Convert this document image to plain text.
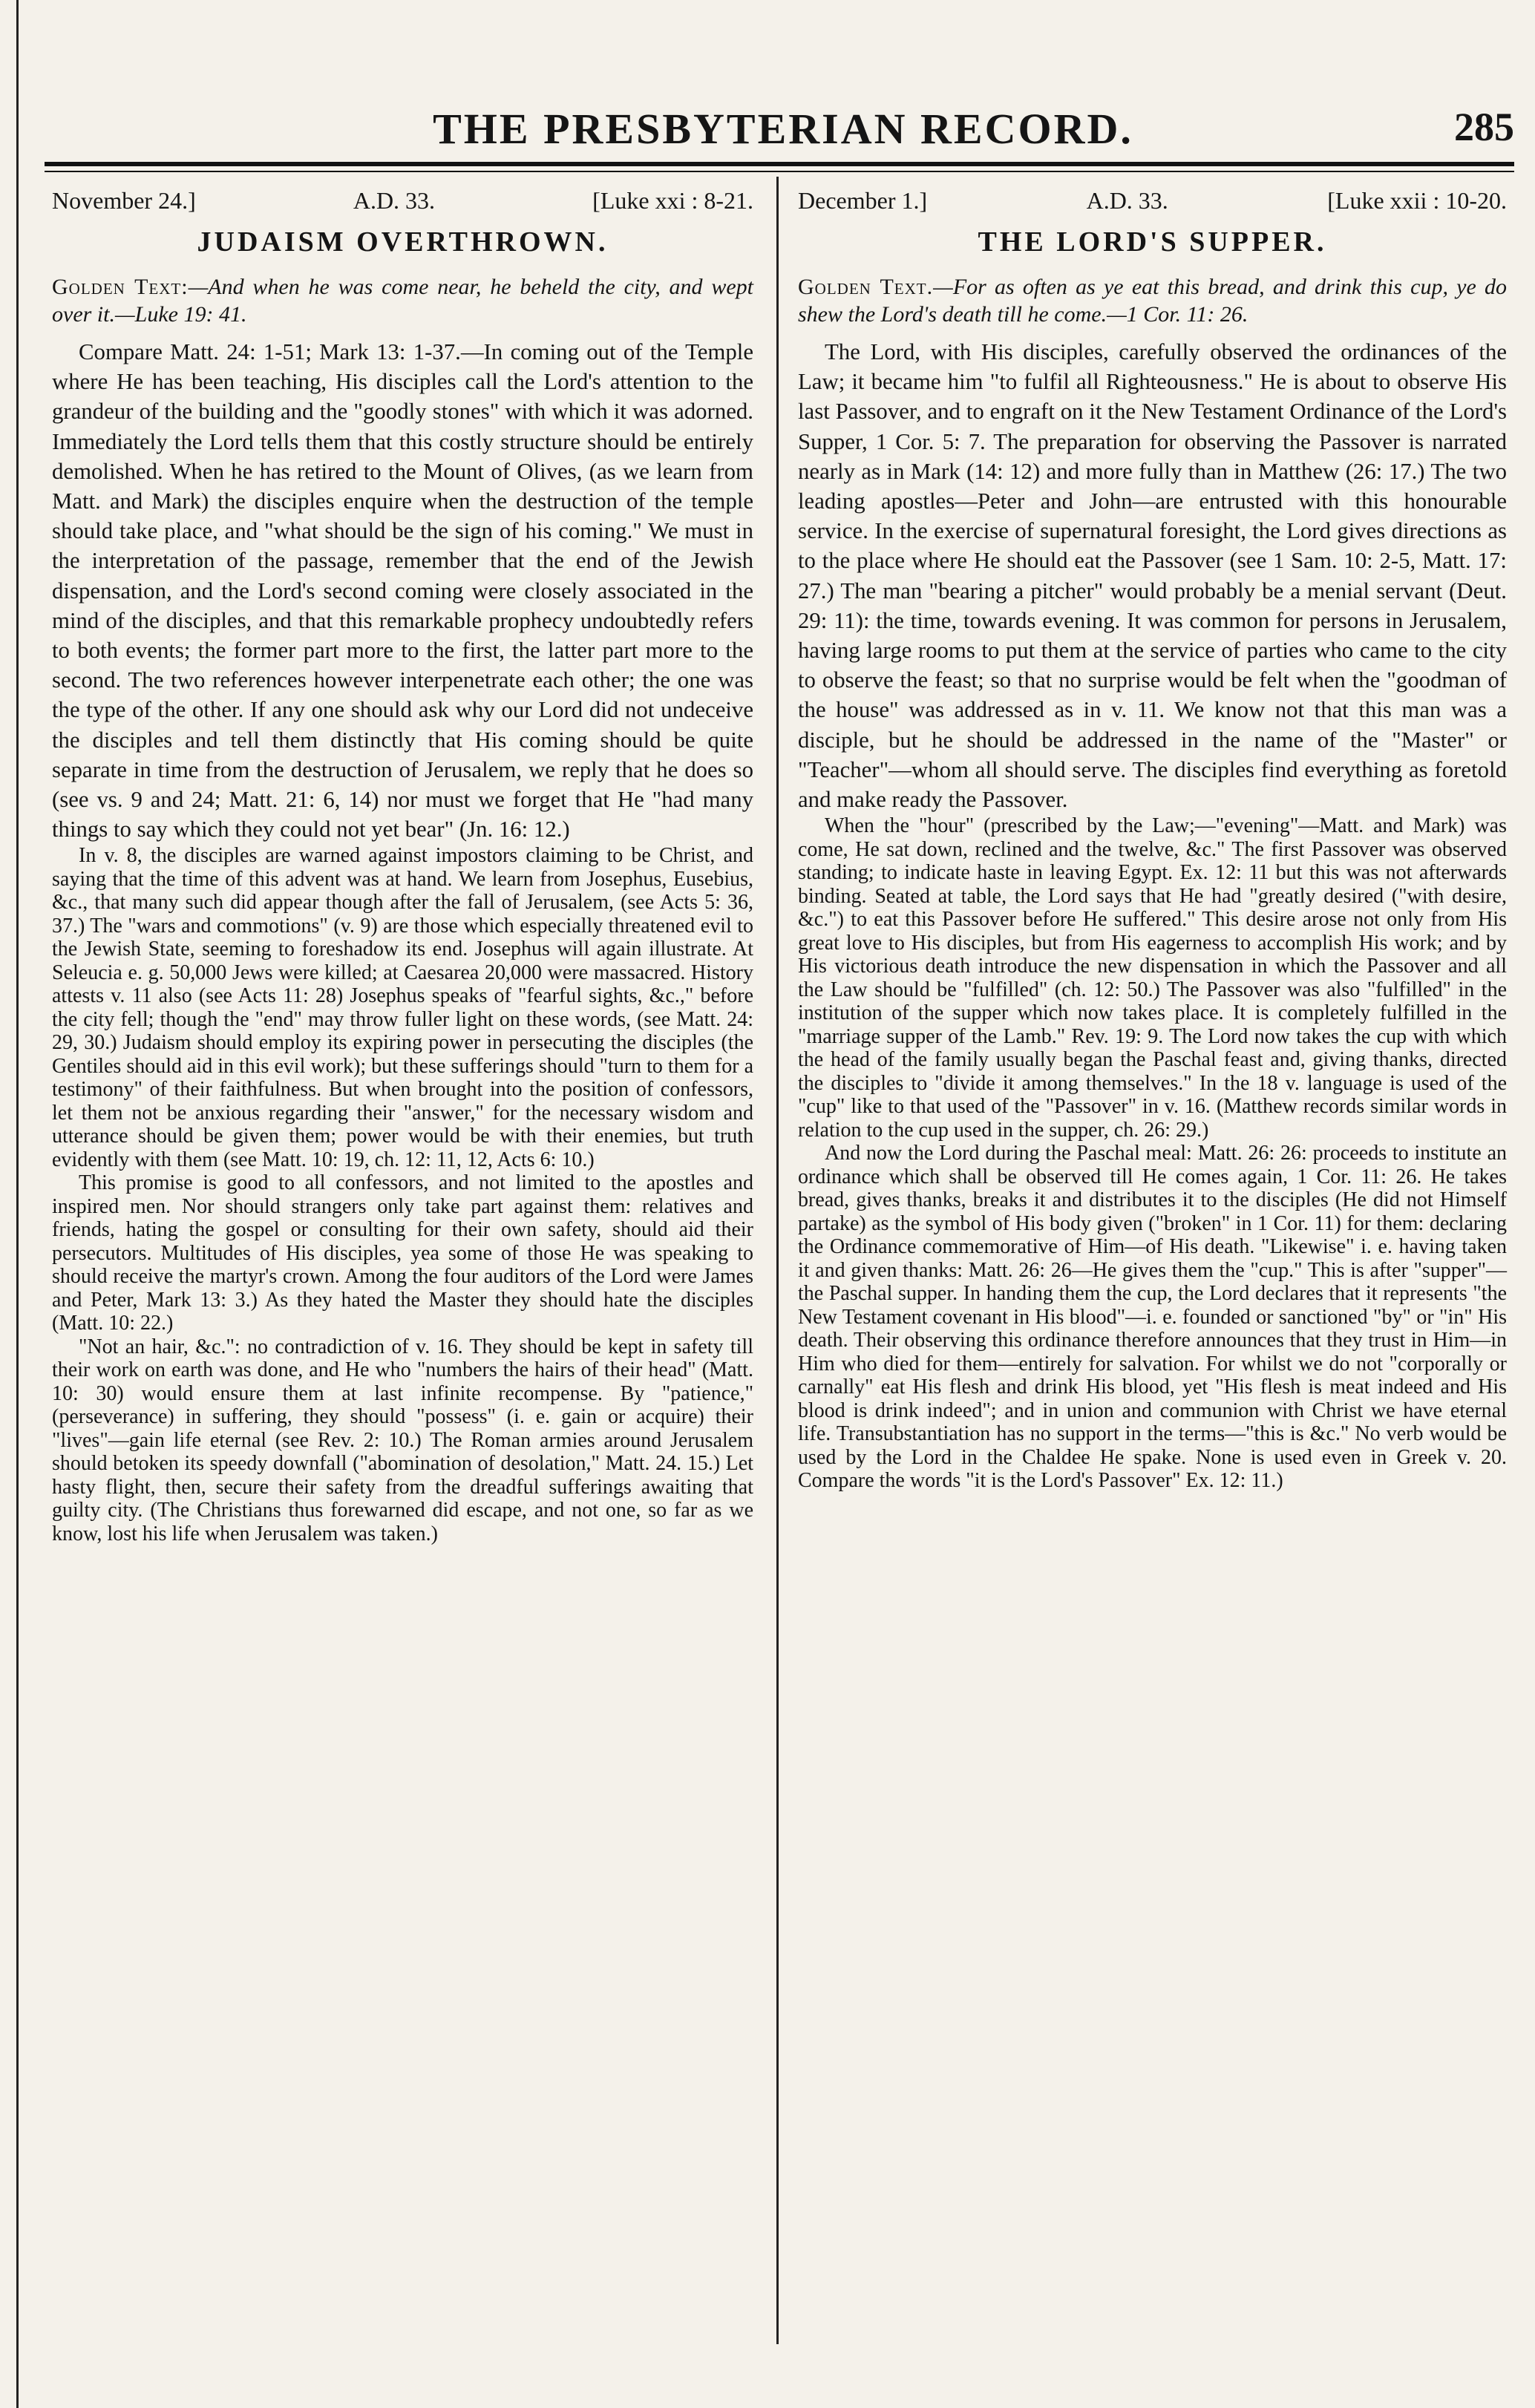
THE PRESBYTERIAN RECORD.	285
November 24.]	A.D. 33.	[Luke xxi : 8-21.
JUDAISM OVERTHROWN.

Golden Text:—And when he was come near, he beheld the city, and wept over it.—Luke 19: 41.

Compare Matt. 24: 1-51; Mark 13: 1-37.—In coming out of the Temple where He has been teaching, His disciples call the Lord's attention to the grandeur of the building and the "goodly stones" with which it was adorned. Immediately the Lord tells them that this costly structure should be entirely demolished. When he has retired to the Mount of Olives, (as we learn from Matt. and Mark) the disciples enquire when the destruction of the temple should take place, and "what should be the sign of his coming." We must in the interpretation of the passage, remember that the end of the Jewish dispensation, and the Lord's second coming were closely associated in the mind of the disciples, and that this remarkable prophecy undoubtedly refers to both events; the former part more to the first, the latter part more to the second. The two references however interpenetrate each other; the one was the type of the other. If any one should ask why our Lord did not undeceive the disciples and tell them distinctly that His coming should be quite separate in time from the destruction of Jerusalem, we reply that he does so (see vs. 9 and 24; Matt. 21: 6, 14) nor must we forget that He "had many things to say which they could not yet bear" (Jn. 16: 12.)

In v. 8, the disciples are warned against impostors claiming to be Christ, and saying that the time of this advent was at hand. We learn from Josephus, Eusebius, &c., that many such did appear though after the fall of Jerusalem, (see Acts 5: 36, 37.) The "wars and commotions" (v. 9) are those which especially threatened evil to the Jewish State, seeming to foreshadow its end. Josephus will again illustrate. At Seleucia e. g. 50,000 Jews were killed; at Caesarea 20,000 were massacred. History attests v. 11 also (see Acts 11: 28) Josephus speaks of "fearful sights, &c.," before the city fell; though the "end" may throw fuller light on these words, (see Matt. 24: 29, 30.) Judaism should employ its expiring power in persecuting the disciples (the Gentiles should aid in this evil work); but these sufferings should "turn to them for a testimony" of their faithfulness. But when brought into the position of confessors, let them not be anxious regarding their "answer," for the necessary wisdom and utterance should be given them; power would be with their enemies, but truth evidently with them (see Matt. 10: 19, ch. 12: 11, 12, Acts 6: 10.)

This promise is good to all confessors, and not limited to the apostles and inspired men. Nor should strangers only take part against them: relatives and friends, hating the gospel or consulting for their own safety, should aid their persecutors. Multitudes of His disciples, yea some of those He was speaking to should receive the martyr's crown. Among the four auditors of the Lord were James and Peter, Mark 13: 3.) As they hated the Master they should hate the disciples (Matt. 10: 22.)

"Not an hair, &c.": no contradiction of v. 16. They should be kept in safety till their work on earth was done, and He who "numbers the hairs of their head" (Matt. 10: 30) would ensure them at last infinite recompense. By "patience," (perseverance) in suffering, they should "possess" (i. e. gain or acquire) their "lives"—gain life eternal (see Rev. 2: 10.) The Roman armies around Jerusalem should betoken its speedy downfall ("abomination of desolation," Matt. 24. 15.) Let hasty flight, then, secure their safety from the dreadful sufferings awaiting that guilty city. (The Christians thus forewarned did escape, and not one, so far as we know, lost his life when Jerusalem was taken.)

December 1.]	A.D. 33.	[Luke xxii : 10-20.
THE LORD'S SUPPER.

Golden Text.—For as often as ye eat this bread, and drink this cup, ye do shew the Lord's death till he come.—1 Cor. 11: 26.

The Lord, with His disciples, carefully observed the ordinances of the Law; it became him "to fulfil all Righteousness." He is about to observe His last Passover, and to engraft on it the New Testament Ordinance of the Lord's Supper, 1 Cor. 5: 7. The preparation for observing the Passover is narrated nearly as in Mark (14: 12) and more fully than in Matthew (26: 17.) The two leading apostles—Peter and John—are entrusted with this honourable service. In the exercise of supernatural foresight, the Lord gives directions as to the place where He should eat the Passover (see 1 Sam. 10: 2-5, Matt. 17: 27.) The man "bearing a pitcher" would probably be a menial servant (Deut. 29: 11): the time, towards evening. It was common for persons in Jerusalem, having large rooms to put them at the service of parties who came to the city to observe the feast; so that no surprise would be felt when the "goodman of the house" was addressed as in v. 11. We know not that this man was a disciple, but he should be addressed in the name of the "Master" or "Teacher"—whom all should serve. The disciples find everything as foretold and make ready the Passover.

When the "hour" (prescribed by the Law;—"evening"—Matt. and Mark) was come, He sat down, reclined and the twelve, &c." The first Passover was observed standing; to indicate haste in leaving Egypt. Ex. 12: 11 but this was not afterwards binding. Seated at table, the Lord says that He had "greatly desired ("with desire, &c.") to eat this Passover before He suffered." This desire arose not only from His great love to His disciples, but from His eagerness to accomplish His work; and by His victorious death introduce the new dispensation in which the Passover and all the Law should be "fulfilled" (ch. 12: 50.) The Passover was also "fulfilled" in the institution of the supper which now takes place. It is completely fulfilled in the "marriage supper of the Lamb." Rev. 19: 9. The Lord now takes the cup with which the head of the family usually began the Paschal feast and, giving thanks, directed the disciples to "divide it among themselves." In the 18 v. language is used of the "cup" like to that used of the "Passover" in v. 16. (Matthew records similar words in relation to the cup used in the supper, ch. 26: 29.)

And now the Lord during the Paschal meal: Matt. 26: 26: proceeds to institute an ordinance which shall be observed till He comes again, 1 Cor. 11: 26. He takes bread, gives thanks, breaks it and distributes it to the disciples (He did not Himself partake) as the symbol of His body given ("broken" in 1 Cor. 11) for them: declaring the Ordinance commemorative of Him—of His death. "Likewise" i. e. having taken it and given thanks: Matt. 26: 26—He gives them the "cup." This is after "supper"—the Paschal supper. In handing them the cup, the Lord declares that it represents "the New Testament covenant in His blood"—i. e. founded or sanctioned "by" or "in" His death. Their observing this ordinance therefore announces that they trust in Him—in Him who died for them—entirely for salvation. For whilst we do not "corporally or carnally" eat His flesh and drink His blood, yet "His flesh is meat indeed and His blood is drink indeed"; and in union and communion with Christ we have eternal life. Transubstantiation has no support in the terms—"this is &c." No verb would be used by the Lord in the Chaldee He spake. None is used even in Greek v. 20. Compare the words "it is the Lord's Passover" Ex. 12: 11.)
